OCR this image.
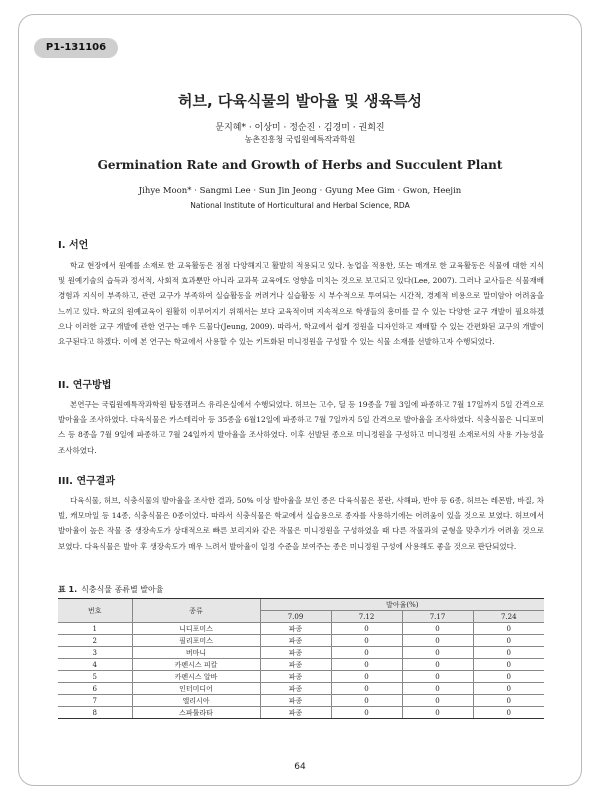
P1-131106
허브, 다육식물의 발아율 및 생육특성
문지혜* · 이상미 · 정순진 · 김경미 · 권희진
농촌진흥청 국립원예특작과학원
Germination Rate and Growth of Herbs and Succulent Plant
Jihye Moon* · Sangmi Lee · Sun Jin Jeong · Gyung Mee Gim · Gwon, Heejin
National Institute of Horticultural and Herbal Science, RDA
I. 서언

학교 현장에서 원예를 소재로 한 교육활동은 점점 다양해지고 활발히 적용되고 있다. 농업을 적용한, 또는 매개로 한 교육활동은 식물에 대한 지식 및 원예기술의 습득과 정서적, 사회적 효과뿐만 아니라 교과목 교육에도 영향을 미치는 것으로 보고되고 있다(Lee, 2007). 그러나 교사들은 식물재배 경험과 지식이 부족하고, 관련 교구가 부족하여 실습활동을 꺼려거나 실습활동 시 부수적으로 투여되는 시간적, 경제적 비용으로 말미암아 어려움을 느끼고 있다. 학교의 원예교육이 원활히 이루어지기 위해서는 보다 교육적이며 지속적으로 학생들의 흥미를 끌 수 있는 다양한 교구 개발이 필요하겠으나 이러한 교구 개발에 관한 연구는 매우 드물다(Jeung, 2009). 따라서, 학교에서 쉽게 정원을 디자인하고 재배할 수 있는 간편화된 교구의 개발이 요구된다고 하겠다. 이에 본 연구는 학교에서 사용할 수 있는 키트화된 미니정원을 구성할 수 있는 식물 소재를 선발하고자 수행되었다.

II. 연구방법

본연구는 국립원예특작과학원 탑동캠퍼스 유리온실에서 수행되었다. 허브는 고수, 딜 등 19종을 7월 3일에 파종하고 7월 17일까지 5일 간격으로 발아율을 조사하였다. 다육식물은 카스테리아 등 35종을 6월12일에 파종하고 7월 7일까지 5일 간격으로 발아율을 조사하였다. 식충식물은 니디포미스 등 8종을 7월 9일에 파종하고 7월 24일까지 발아율을 조사하였다. 이후 선발된 종으로 미니정원을 구성하고 미니정원 소재로서의 사용 가능성을 조사하였다.

III. 연구결과

다육식물, 허브, 식충식물의 발아율을 조사한 결과, 50% 이상 발아율을 보인 종은 다육식물은 봉란, 사해파, 반야 등 6종, 허브는 레몬밤, 바질, 차빌, 캐모마일 등 14종, 식충식물은 0종이었다. 따라서 식충식물은 학교에서 실습용으로 종자를 사용하기에는 어려움이 있을 것으로 보였다. 허브에서 발아율이 높은 작물 중 생장속도가 상대적으로 빠른 보리지와 같은 작물은 미니정원을 구성하였을 때 다른 작물과의 균형을 맞추기가 어려울 것으로 보였다. 다육식물은 발아 후 생장속도가 매우 느려서 발아율이 일정 수준을 보여주는 종은 미니정원 구성에 사용해도 좋을 것으로 판단되었다.

표 1. 식충식물 종류별 발아율
번호	종류	발아율(%)			
		7.09	7.12	7.17	7.24
1	니디포미스	파종	0	0	0
2	필리포미스	파종	0	0	0
3	버마니	파종	0	0	0
4	카펜시스 피칼	파종	0	0	0
5	카펜시스 알바	파종	0	0	0
6	인터미디어	파종	0	0	0
7	앨리시아	파종	0	0	0
8	스파튤라타	파종	0	0	0
64
